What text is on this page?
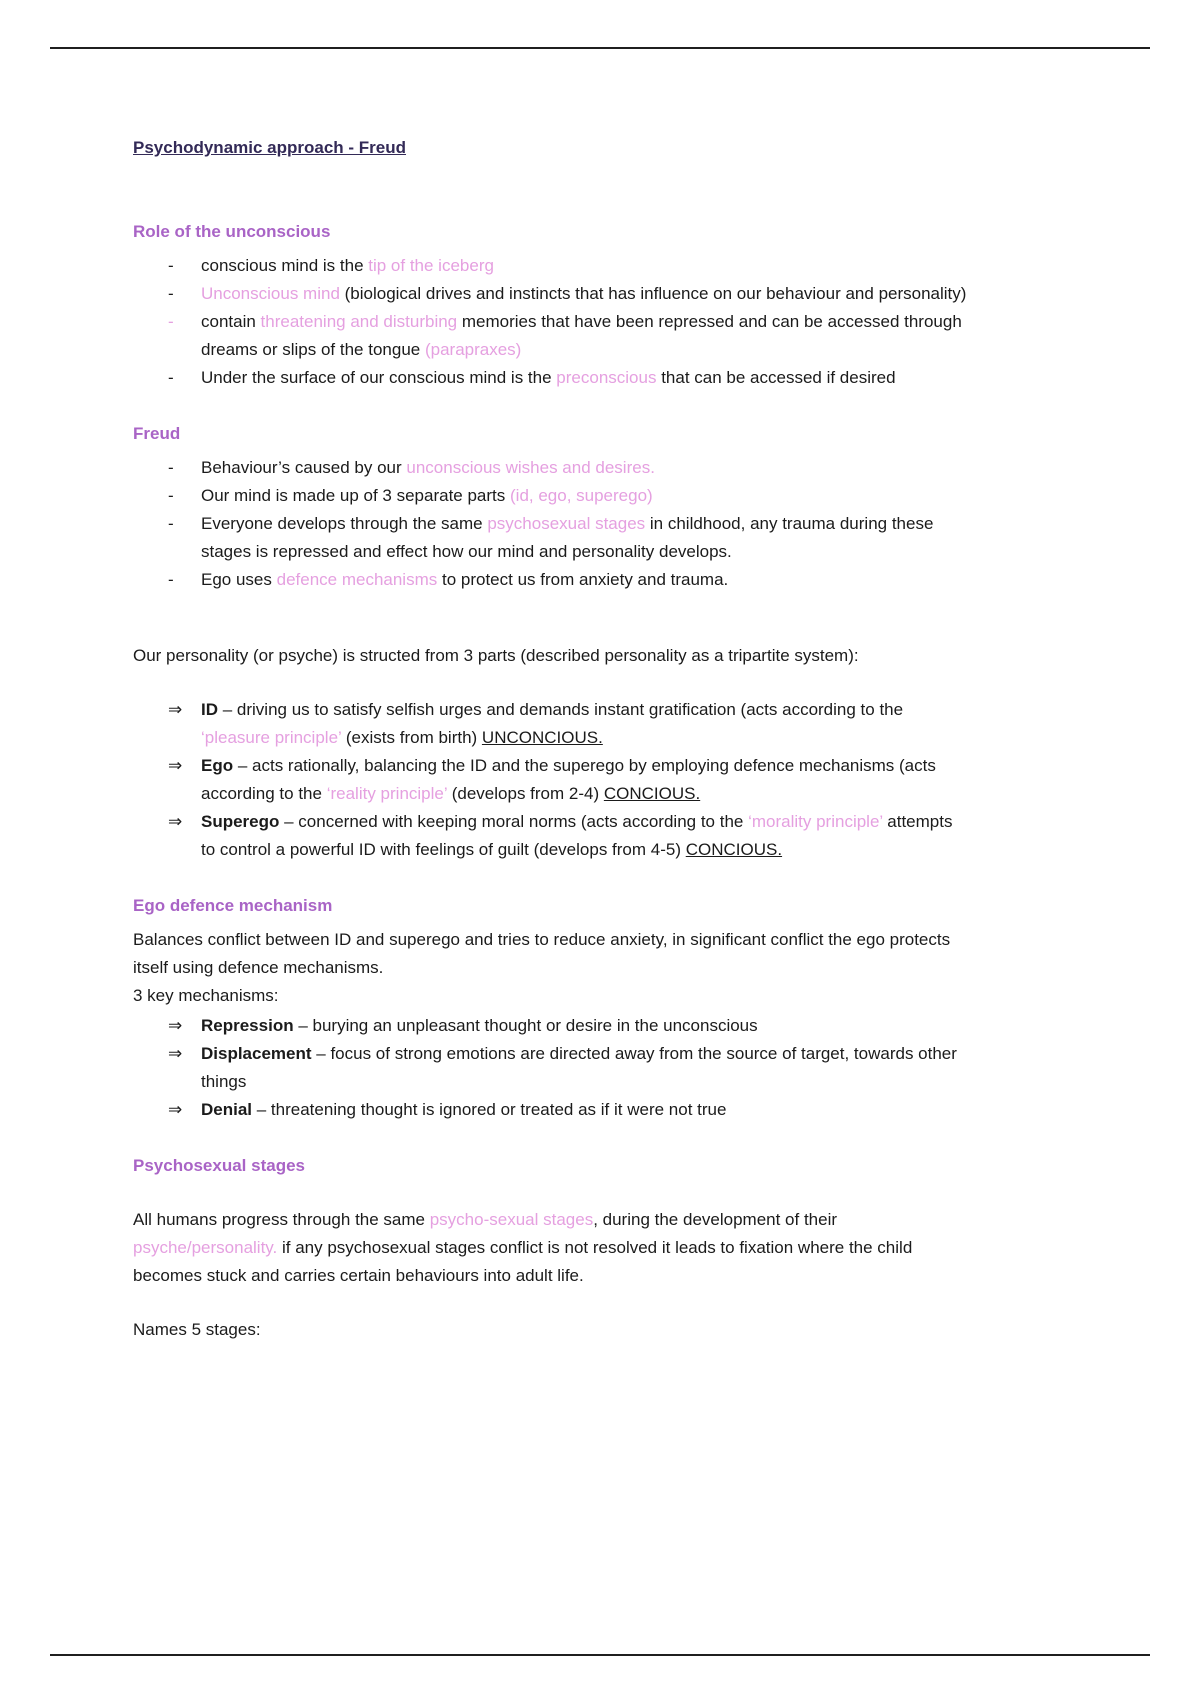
Psychodynamic approach - Freud
Role of the unconscious
-	conscious mind is the tip of the iceberg
-	Unconscious mind (biological drives and instincts that has influence on our behaviour and personality)
-	contain threatening and disturbing memories that have been repressed and can be accessed through dreams or slips of the tongue (parapraxes)
-	Under the surface of our conscious mind is the preconscious that can be accessed if desired
Freud
-	Behaviour’s caused by our unconscious wishes and desires.
-	Our mind is made up of 3 separate parts (id, ego, superego)
-	Everyone develops through the same psychosexual stages in childhood, any trauma during these stages is repressed and effect how our mind and personality develops.
-	Ego uses defence mechanisms to protect us from anxiety and trauma.
Our personality (or psyche) is structed from 3 parts (described personality as a tripartite system):
⇒	ID – driving us to satisfy selfish urges and demands instant gratification (acts according to the ‘pleasure principle’ (exists from birth) UNCONCIOUS.
⇒	Ego – acts rationally, balancing the ID and the superego by employing defence mechanisms (acts according to the ‘reality principle’ (develops from 2-4) CONCIOUS.
⇒	Superego – concerned with keeping moral norms (acts according to the ‘morality principle’ attempts to control a powerful ID with feelings of guilt (develops from 4-5) CONCIOUS.
Ego defence mechanism
Balances conflict between ID and superego and tries to reduce anxiety, in significant conflict the ego protects itself using defence mechanisms.
3 key mechanisms:
⇒	Repression – burying an unpleasant thought or desire in the unconscious
⇒	Displacement – focus of strong emotions are directed away from the source of target, towards other things
⇒	Denial – threatening thought is ignored or treated as if it were not true
Psychosexual stages
All humans progress through the same psycho-sexual stages, during the development of their psyche/personality. if any psychosexual stages conflict is not resolved it leads to fixation where the child becomes stuck and carries certain behaviours into adult life.
Names 5 stages:
